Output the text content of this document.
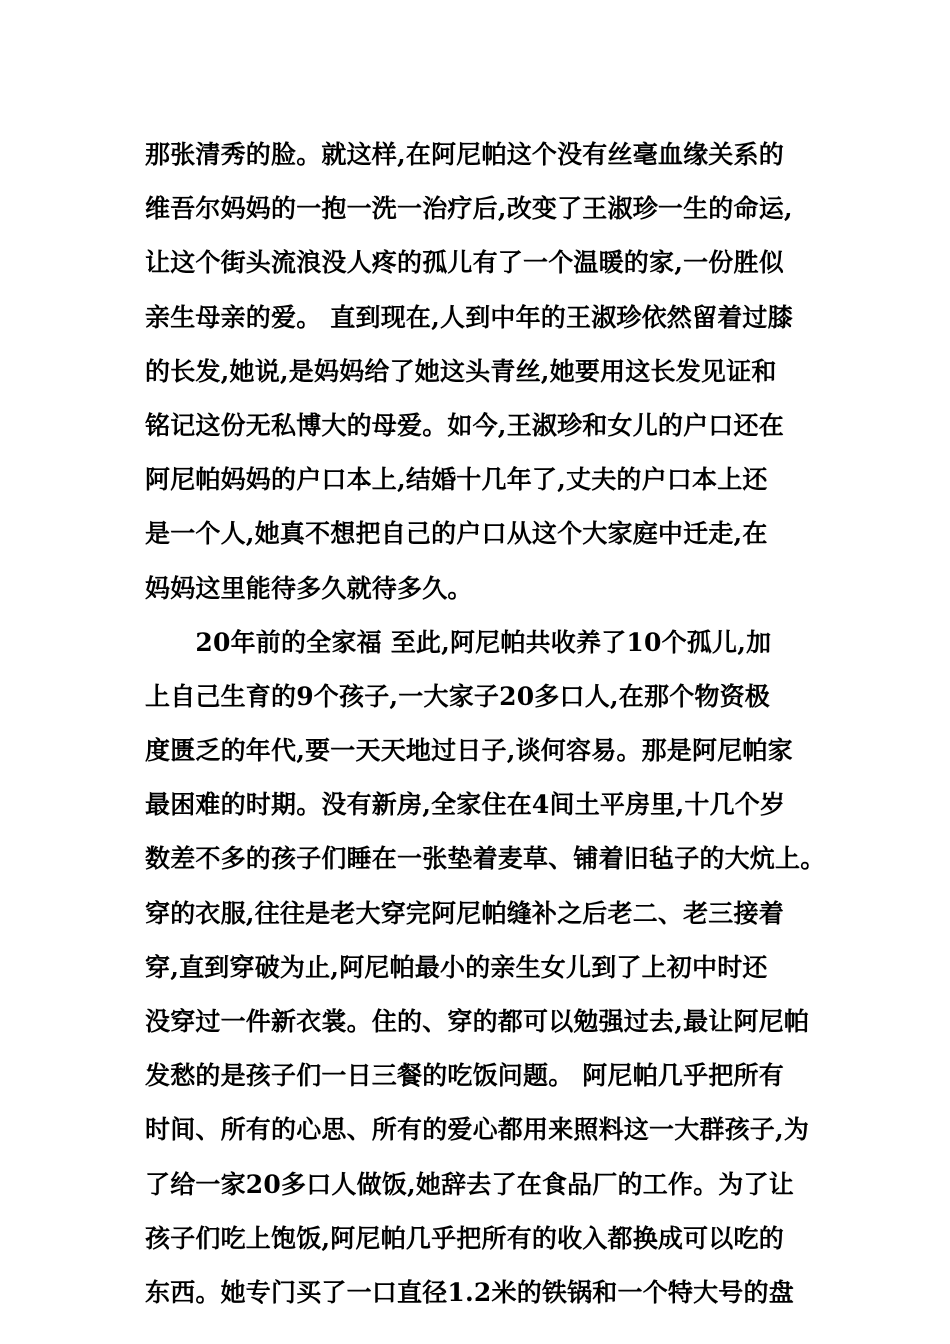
那张清秀的脸。就这样,在阿尼帕这个没有丝毫血缘关系的
维吾尔妈妈的一抱一洗一治疗后,改变了王淑珍一生的命运,
让这个街头流浪没人疼的孤儿有了一个温暖的家,一份胜似
亲生母亲的爱。 直到现在,人到中年的王淑珍依然留着过膝
的长发,她说,是妈妈给了她这头青丝,她要用这长发见证和
铭记这份无私博大的母爱。如今,王淑珍和女儿的户口还在
阿尼帕妈妈的户口本上,结婚十几年了,丈夫的户口本上还
是一个人,她真不想把自己的户口从这个大家庭中迁走,在
妈妈这里能待多久就待多久。
　　20年前的全家福 至此,阿尼帕共收养了10个孤儿,加
上自己生育的9个孩子,一大家子20多口人,在那个物资极
度匮乏的年代,要一天天地过日子,谈何容易。那是阿尼帕家
最困难的时期。没有新房,全家住在4间土平房里,十几个岁
数差不多的孩子们睡在一张垫着麦草、铺着旧毡子的大炕上。
穿的衣服,往往是老大穿完阿尼帕缝补之后老二、老三接着
穿,直到穿破为止,阿尼帕最小的亲生女儿到了上初中时还
没穿过一件新衣裳。住的、穿的都可以勉强过去,最让阿尼帕
发愁的是孩子们一日三餐的吃饭问题。 阿尼帕几乎把所有
时间、所有的心思、所有的爱心都用来照料这一大群孩子,为
了给一家20多口人做饭,她辞去了在食品厂的工作。为了让
孩子们吃上饱饭,阿尼帕几乎把所有的收入都换成可以吃的
东西。她专门买了一口直径1.2米的铁锅和一个特大号的盘
